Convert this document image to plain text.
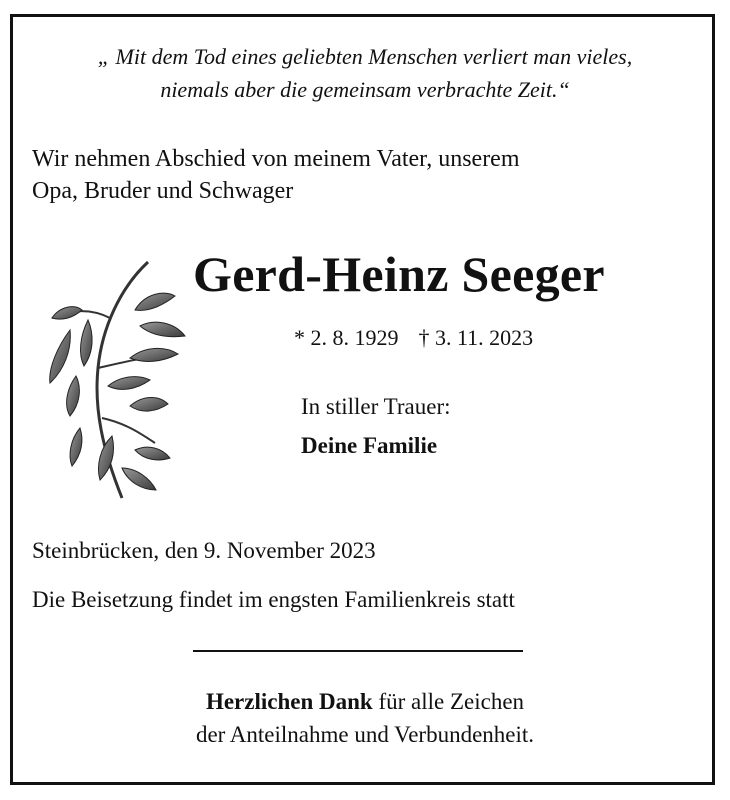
„ Mit dem Tod eines geliebten Menschen verliert man vieles,
niemals aber die gemeinsam verbrachte Zeit.“
Wir nehmen Abschied von meinem Vater, unserem
Opa, Bruder und Schwager
Gerd-Heinz Seeger
* 2. 8. 1929 † 3. 11. 2023
In stiller Trauer:
Deine Familie
Steinbrücken, den 9. November 2023
Die Beisetzung findet im engsten Familienkreis statt
Herzlichen Dank für alle Zeichen
der Anteilnahme und Verbundenheit.
